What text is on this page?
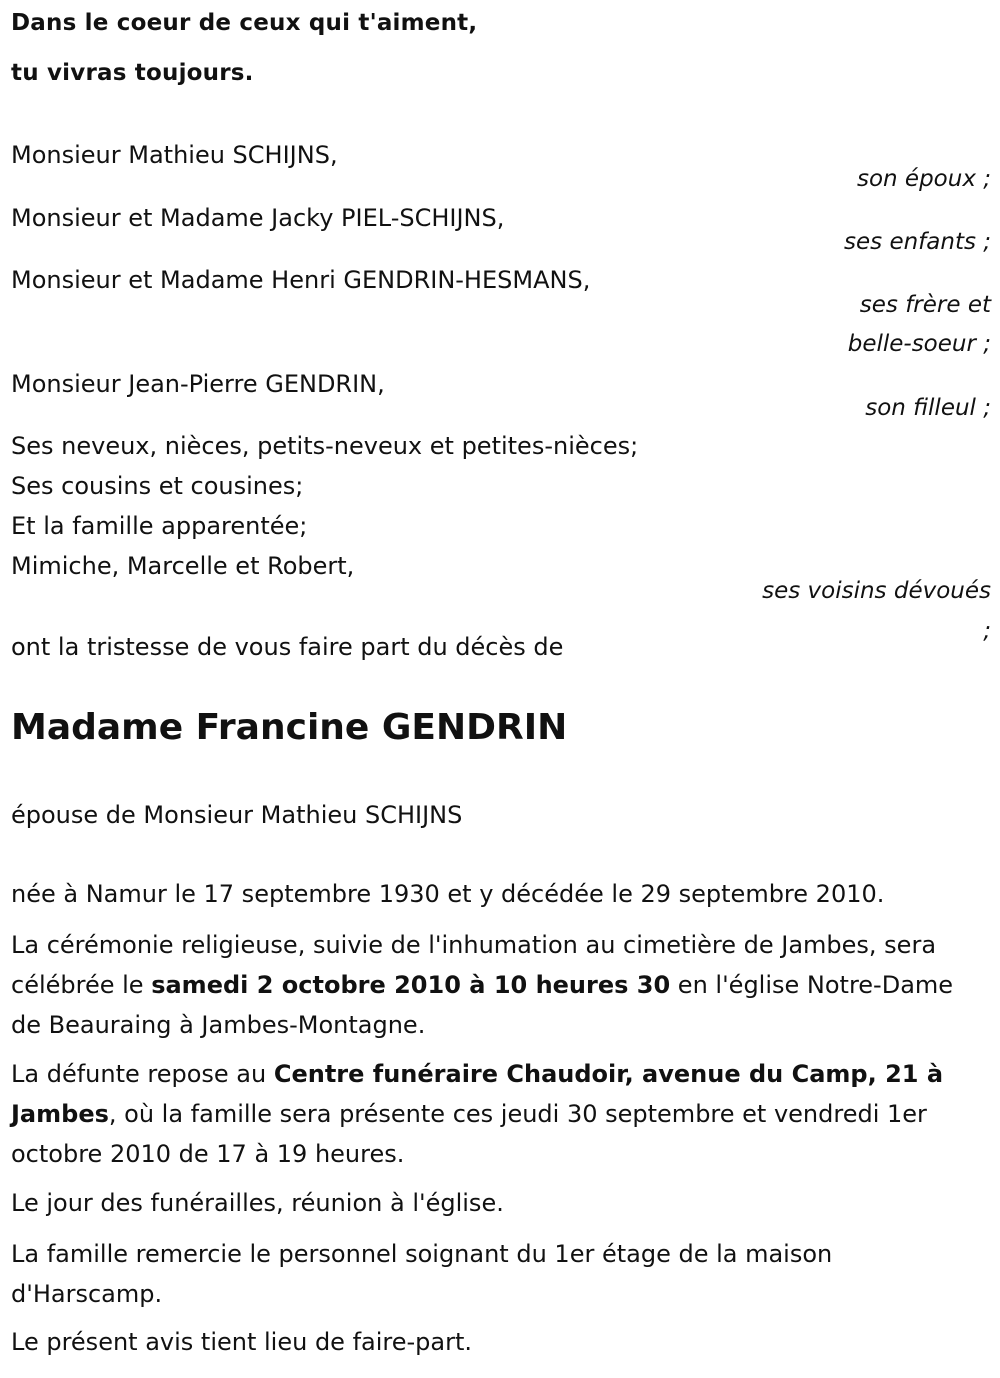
Dans le coeur de ceux qui t'aiment,
tu vivras toujours.
Monsieur Mathieu SCHIJNS,
son époux ;
Monsieur et Madame Jacky PIEL-SCHIJNS,
ses enfants ;
Monsieur et Madame Henri GENDRIN-HESMANS,
ses frère et
belle-soeur ;
Monsieur Jean-Pierre GENDRIN,
son filleul ;
Ses neveux, nièces, petits-neveux et petites-nièces;
Ses cousins et cousines;
Et la famille apparentée;
Mimiche, Marcelle et Robert,
ses voisins dévoués
;
ont la tristesse de vous faire part du décès de
Madame Francine GENDRIN
épouse de Monsieur Mathieu SCHIJNS
née à Namur le 17 septembre 1930 et y décédée le 29 septembre 2010.
La cérémonie religieuse, suivie de l'inhumation au cimetière de Jambes, sera célébrée le samedi 2 octobre 2010 à 10 heures 30 en l'église Notre-Dame de Beauraing à Jambes-Montagne.
La défunte repose au Centre funéraire Chaudoir, avenue du Camp, 21 à Jambes, où la famille sera présente ces jeudi 30 septembre et vendredi 1er octobre 2010 de 17 à 19 heures.
Le jour des funérailles, réunion à l'église.
La famille remercie le personnel soignant du 1er étage de la maison d'Harscamp.
Le présent avis tient lieu de faire-part.
